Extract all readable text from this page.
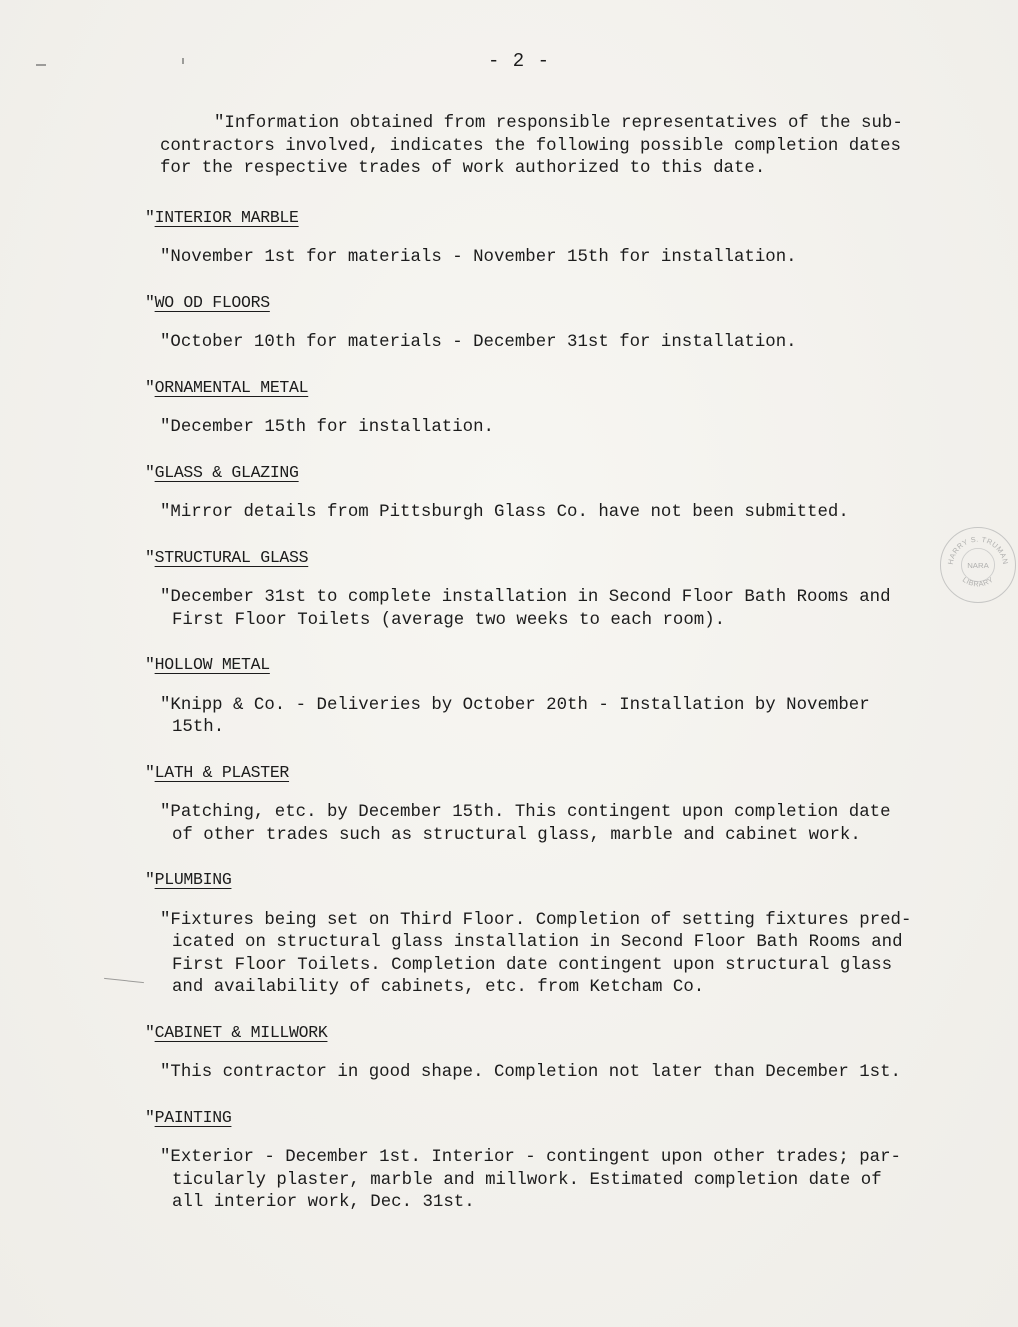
- 2 -

"Information obtained from responsible representatives of the sub-
contractors involved, indicates the following possible completion dates
for the respective trades of work authorized to this date.

"INTERIOR MARBLE
"November 1st for materials - November 15th for installation.
"WO OD FLOORS
"October 10th for materials - December 31st for installation.
"ORNAMENTAL METAL
"December 15th for installation.
"GLASS & GLAZING
"Mirror details from Pittsburgh Glass Co. have not been submitted.
"STRUCTURAL GLASS
"December 31st to complete installation in Second Floor Bath Rooms and
First Floor Toilets (average two weeks to each room).
"HOLLOW METAL
"Knipp & Co. - Deliveries by October 20th - Installation by November
15th.
"LATH & PLASTER
"Patching, etc. by December 15th. This contingent upon completion date
of other trades such as structural glass, marble and cabinet work.
"PLUMBING
"Fixtures being set on Third Floor. Completion of setting fixtures pred-
icated on structural glass installation in Second Floor Bath Rooms and
First Floor Toilets. Completion date contingent upon structural glass
and availability of cabinets, etc. from Ketcham Co.
"CABINET & MILLWORK
"This contractor in good shape. Completion not later than December 1st.
"PAINTING
"Exterior - December 1st. Interior - contingent upon other trades; par-
ticularly plaster, marble and millwork. Estimated completion date of
all interior work, Dec. 31st.
HARRY S. TRUMAN
LIBRARY
NARA
